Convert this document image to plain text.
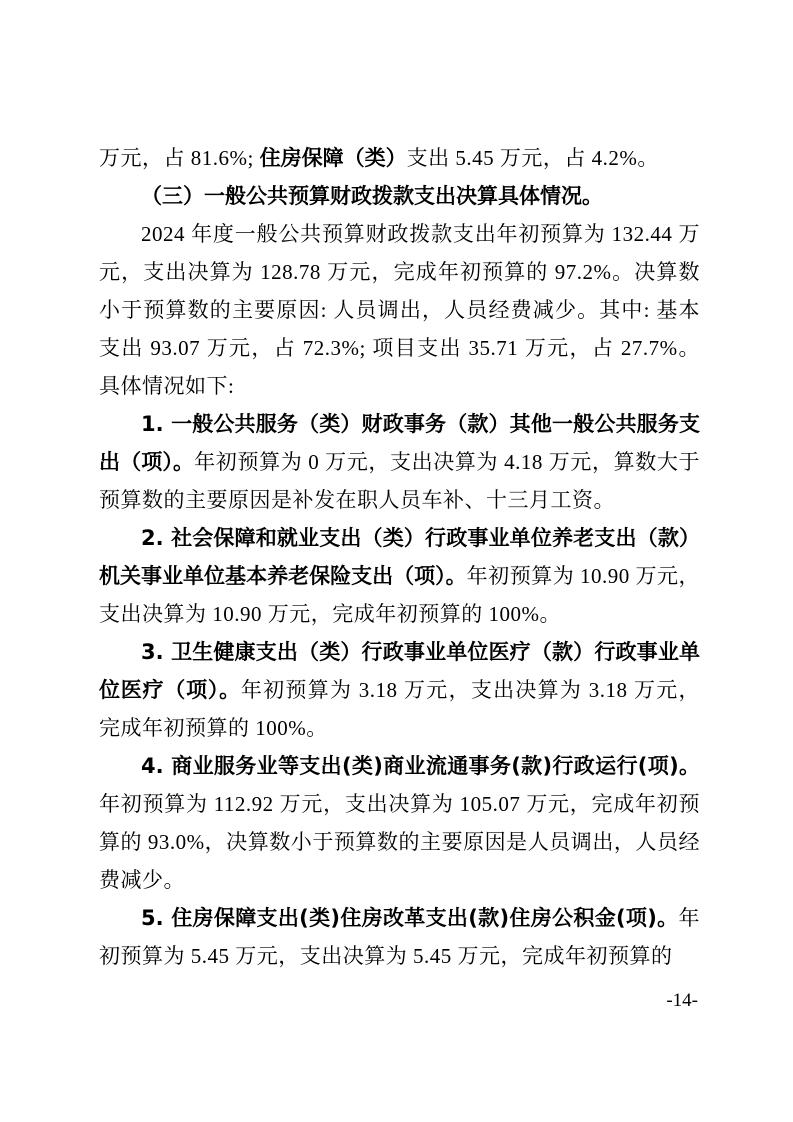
万元，占 81.6%; 住房保障（类）支出 5.45 万元，占 4.2%。

（三）一般公共预算财政拨款支出决算具体情况。

2024 年度一般公共预算财政拨款支出年初预算为 132.44 万元，支出决算为 128.78 万元，完成年初预算的 97.2%。决算数小于预算数的主要原因: 人员调出，人员经费减少。其中: 基本支出 93.07 万元，占 72.3%; 项目支出 35.71 万元，占 27.7%。具体情况如下:

1. 一般公共服务（类）财政事务（款）其他一般公共服务支出（项）。年初预算为 0 万元，支出决算为 4.18 万元，算数大于预算数的主要原因是补发在职人员车补、十三月工资。

2. 社会保障和就业支出（类）行政事业单位养老支出（款）机关事业单位基本养老保险支出（项）。年初预算为 10.90 万元，支出决算为 10.90 万元，完成年初预算的 100%。

3. 卫生健康支出（类）行政事业单位医疗（款）行政事业单位医疗（项）。年初预算为 3.18 万元，支出决算为 3.18 万元，完成年初预算的 100%。

4. 商业服务业等支出(类)商业流通事务(款)行政运行(项)。年初预算为 112.92 万元，支出决算为 105.07 万元，完成年初预算的 93.0%，决算数小于预算数的主要原因是人员调出，人员经费减少。

5. 住房保障支出(类)住房改革支出(款)住房公积金(项)。年初预算为 5.45 万元，支出决算为 5.45 万元，完成年初预算的

-14-
